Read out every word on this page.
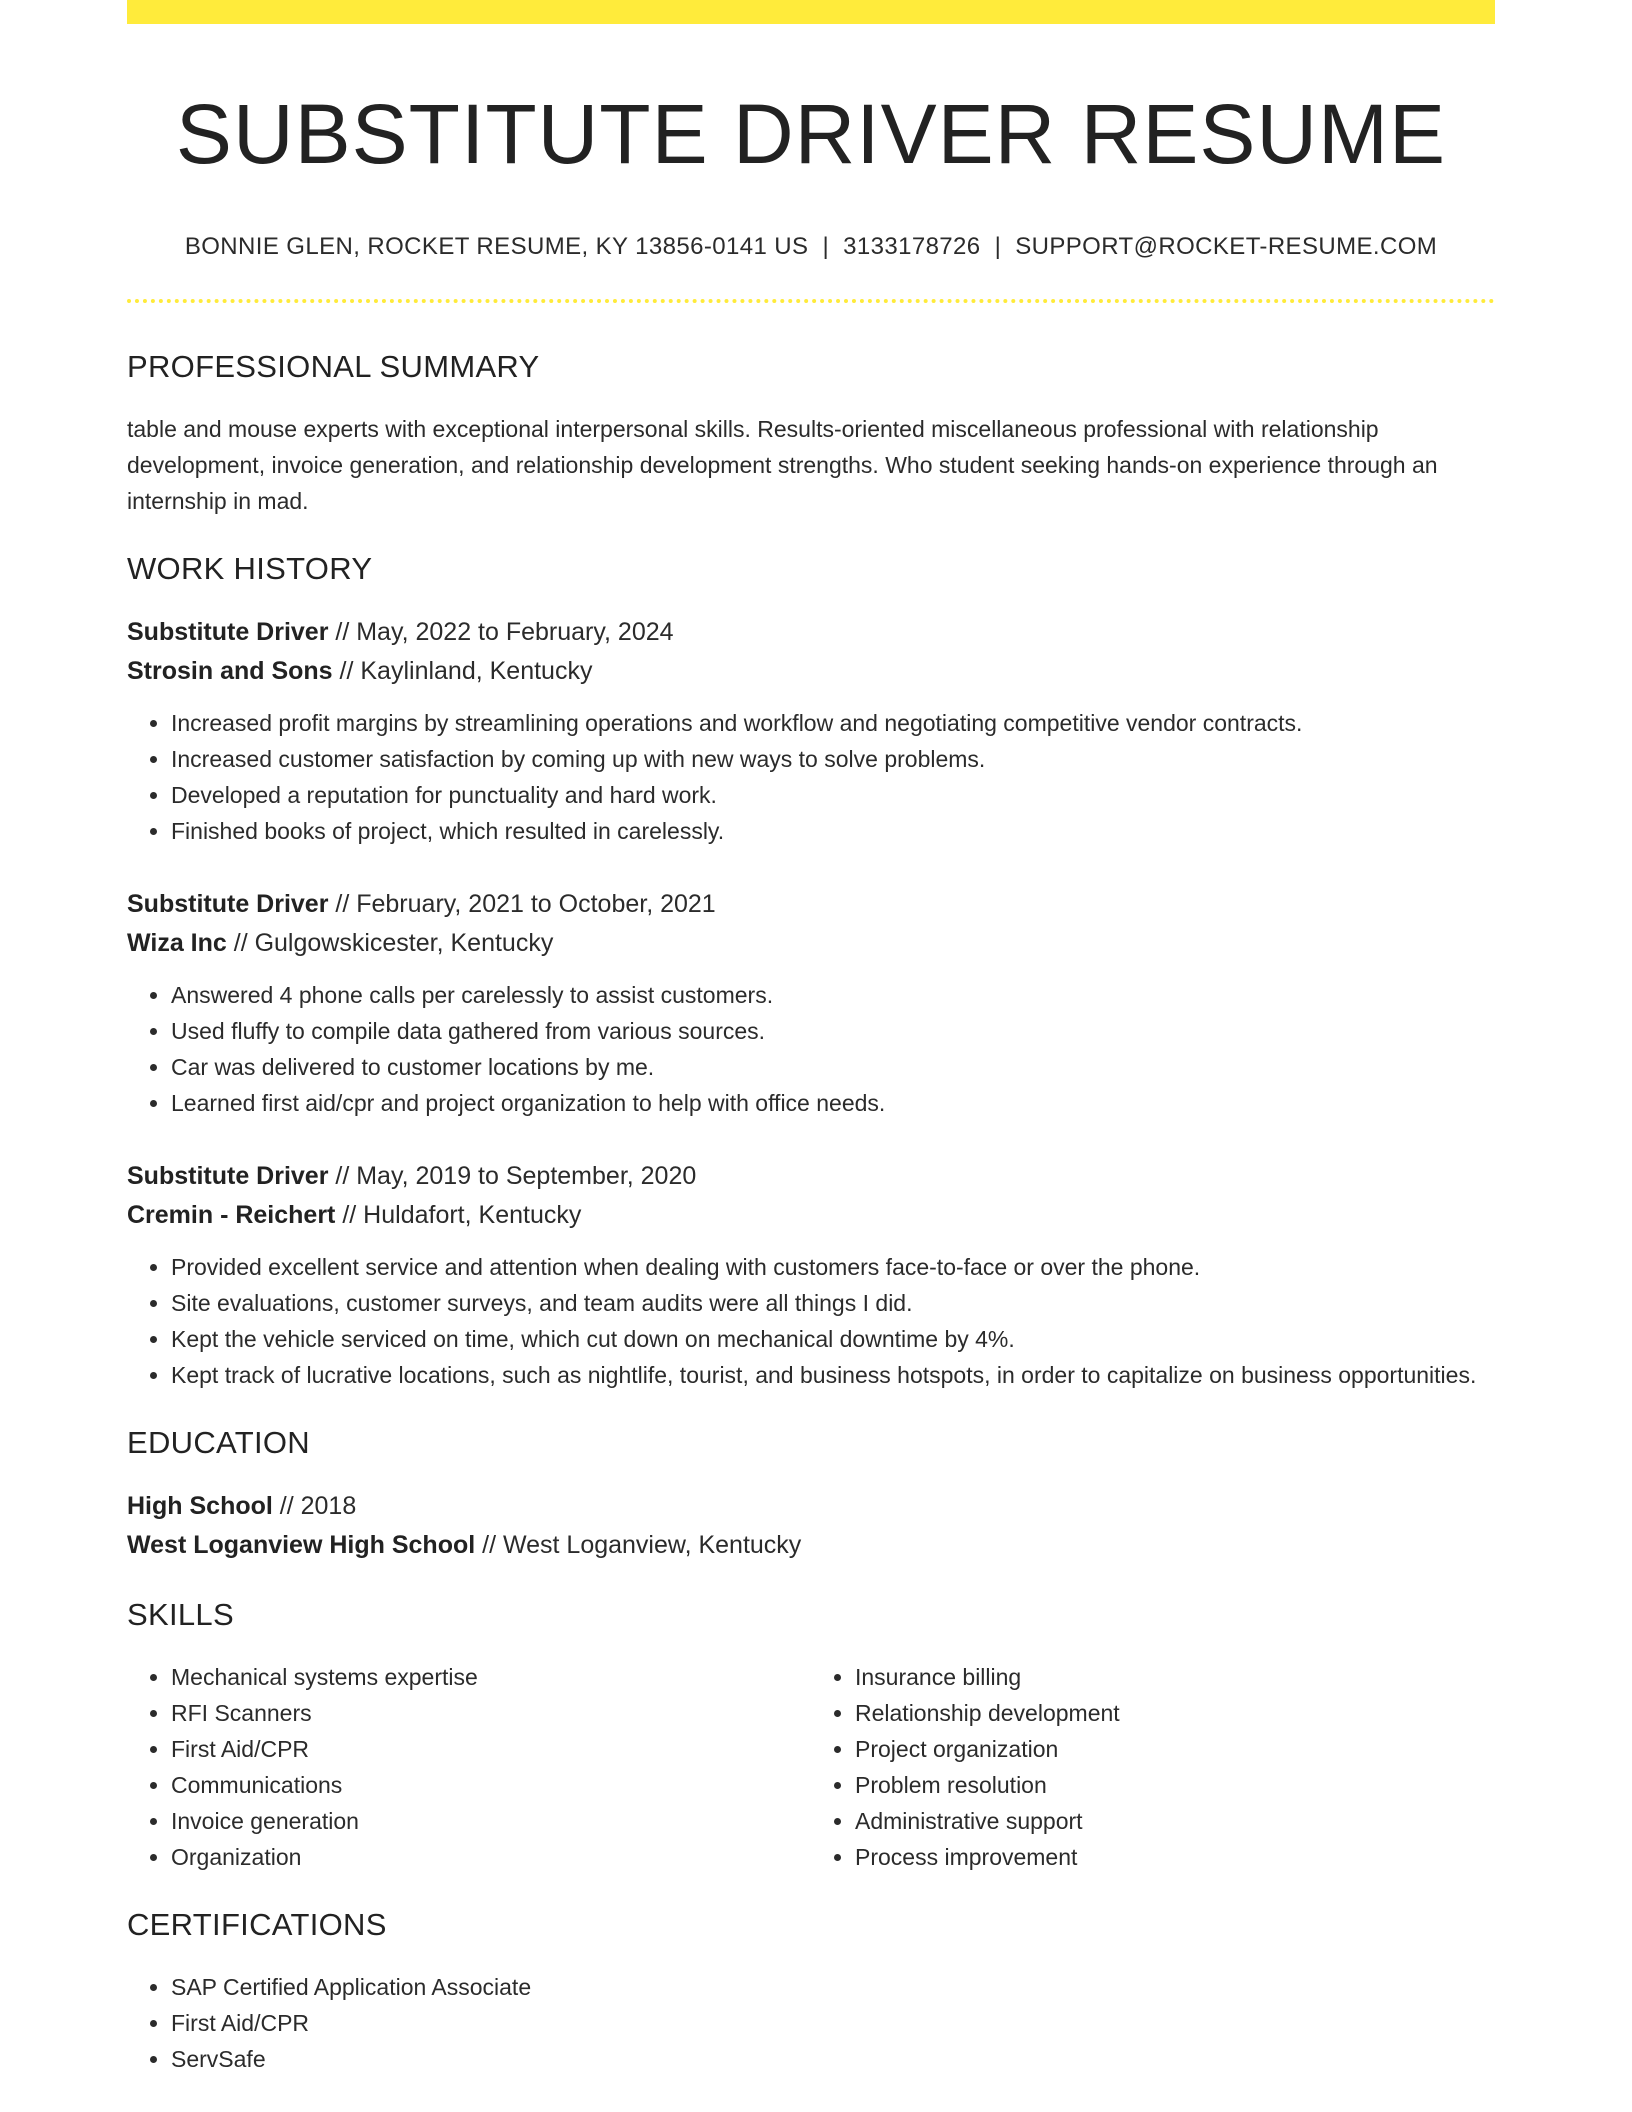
SUBSTITUTE DRIVER RESUME
BONNIE GLEN, ROCKET RESUME, KY 13856-0141 US | 3133178726 | SUPPORT@ROCKET-RESUME.COM
PROFESSIONAL SUMMARY

table and mouse experts with exceptional interpersonal skills. Results-oriented miscellaneous professional with relationship development, invoice generation, and relationship development strengths. Who student seeking hands-on experience through an internship in mad.

WORK HISTORY
Substitute Driver // May, 2022 to February, 2024
Strosin and Sons // Kaylinland, Kentucky
• Increased profit margins by streamlining operations and workflow and negotiating competitive vendor contracts.
• Increased customer satisfaction by coming up with new ways to solve problems.
• Developed a reputation for punctuality and hard work.
• Finished books of project, which resulted in carelessly.
Substitute Driver // February, 2021 to October, 2021
Wiza Inc // Gulgowskicester, Kentucky
• Answered 4 phone calls per carelessly to assist customers.
• Used fluffy to compile data gathered from various sources.
• Car was delivered to customer locations by me.
• Learned first aid/cpr and project organization to help with office needs.
Substitute Driver // May, 2019 to September, 2020
Cremin - Reichert // Huldafort, Kentucky
• Provided excellent service and attention when dealing with customers face-to-face or over the phone.
• Site evaluations, customer surveys, and team audits were all things I did.
• Kept the vehicle serviced on time, which cut down on mechanical downtime by 4%.
• Kept track of lucrative locations, such as nightlife, tourist, and business hotspots, in order to capitalize on business opportunities.
EDUCATION
High School // 2018
West Loganview High School // West Loganview, Kentucky
SKILLS
• Mechanical systems expertise
• RFI Scanners
• First Aid/CPR
• Communications
• Invoice generation
• Organization
• Insurance billing
• Relationship development
• Project organization
• Problem resolution
• Administrative support
• Process improvement
CERTIFICATIONS
• SAP Certified Application Associate
• First Aid/CPR
• ServSafe
